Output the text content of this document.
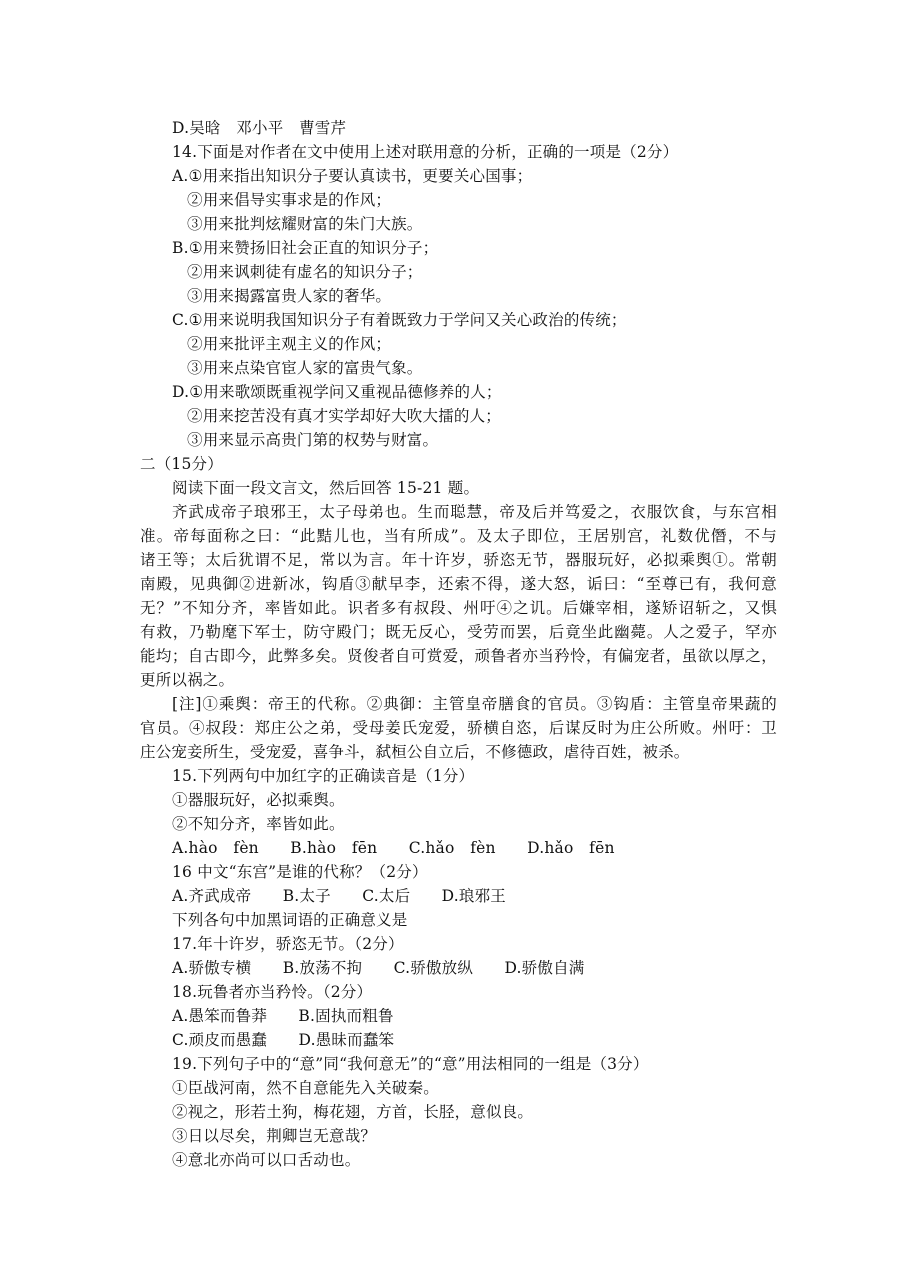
D.吴晗　邓小平　曹雪芹
14.下面是对作者在文中使用上述对联用意的分析，正确的一项是（2分）
A.①用来指出知识分子要认真读书，更要关心国事；
②用来倡导实事求是的作风；
③用来批判炫耀财富的朱门大族。
B.①用来赞扬旧社会正直的知识分子；
②用来讽刺徒有虚名的知识分子；
③用来揭露富贵人家的奢华。
C.①用来说明我国知识分子有着既致力于学问又关心政治的传统；
②用来批评主观主义的作风；
③用来点染官宦人家的富贵气象。
D.①用来歌颂既重视学问又重视品德修养的人；
②用来挖苦没有真才实学却好大吹大擂的人；
③用来显示高贵门第的权势与财富。
二（15分）
阅读下面一段文言文，然后回答 15-21 题。
齐武成帝子琅邪王，太子母弟也。生而聪慧，帝及后并笃爱之，衣服饮食，与东宫相
准。帝每面称之曰：“此黠儿也，当有所成”。及太子即位，王居别宫，礼数优僭，不与
诸王等；太后犹谓不足，常以为言。年十许岁，骄恣无节，器服玩好，必拟乘舆①。常朝
南殿，见典御②进新冰，钩盾③献早李，还索不得，遂大怒，诟曰：“至尊已有，我何意
无？”不知分齐，率皆如此。识者多有叔段、州吁④之讥。后嫌宰相，遂矫诏斩之，又惧
有救，乃勒麾下军士，防守殿门；既无反心，受劳而罢，后竟坐此幽薨。人之爱子，罕亦
能均；自古即今，此弊多矣。贤俊者自可赏爱，顽鲁者亦当矜怜，有偏宠者，虽欲以厚之，
更所以祸之。
[注]①乘舆：帝王的代称。②典御：主管皇帝膳食的官员。③钩盾：主管皇帝果蔬的
官员。④叔段：郑庄公之弟，受母姜氏宠爱，骄横自恣，后谋反时为庄公所败。州吁：卫
庄公宠妾所生，受宠爱，喜争斗，弑桓公自立后，不修德政，虐待百姓，被杀。
15.下列两句中加红字的正确读音是（1分）
①器服玩好，必拟乘舆。
②不知分齐，率皆如此。
A.hào　fèn　　B.hào　fēn　　C.hǎo　fèn　　D.hǎo　fēn
16 中文“东宫”是谁的代称？（2分）
A.齐武成帝　　B.太子　　C.太后　　D.琅邪王
下列各句中加黑词语的正确意义是
17.年十许岁，骄恣无节。（2分）
A.骄傲专横　　B.放荡不拘　　C.骄傲放纵　　D.骄傲自满
18.玩鲁者亦当矜怜。（2分）
A.愚笨而鲁莽　　B.固执而粗鲁
C.顽皮而愚蠢　　D.愚昧而蠢笨
19.下列句子中的“意”同“我何意无”的“意”用法相同的一组是（3分）
①臣战河南，然不自意能先入关破秦。
②视之，形若土狗，梅花翅，方首，长胫，意似良。
③日以尽矣，荆卿岂无意哉？
④意北亦尚可以口舌动也。
